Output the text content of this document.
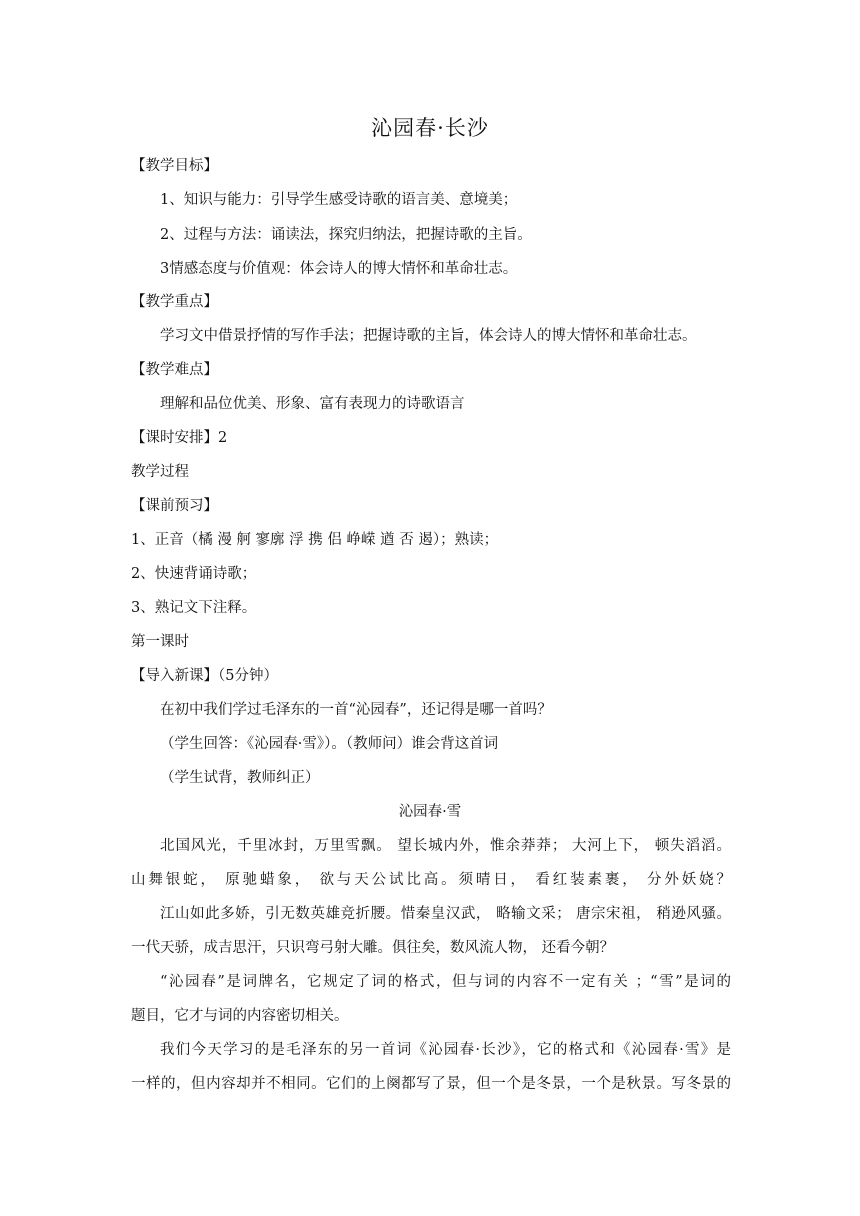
沁园春·长沙
【教学目标】
1、知识与能力：引导学生感受诗歌的语言美、意境美；
2、过程与方法：诵读法，探究归纳法，把握诗歌的主旨。
3情感态度与价值观：体会诗人的博大情怀和革命壮志。
【教学重点】
学习文中借景抒情的写作手法；把握诗歌的主旨，体会诗人的博大情怀和革命壮志。
【教学难点】
理解和品位优美、形象、富有表现力的诗歌语言
【课时安排】2
教学过程
【课前预习】
1、正音（橘 漫 舸 寥廓 浮 携 侣 峥嵘 遒 否 遏）；熟读；
2、快速背诵诗歌；
3、熟记文下注释。
第一课时
【导入新课】（5分钟）
在初中我们学过毛泽东的一首“沁园春”，还记得是哪一首吗？
（学生回答：《沁园春·雪》）。（教师问）谁会背这首词
（学生试背，教师纠正）
沁园春·雪
北国风光，千里冰封，万里雪飘。 望长城内外，惟余莽莽； 大河上下， 顿失滔滔。
山舞银蛇， 原驰蜡象， 欲与天公试比高。须晴日， 看红装素裹， 分外妖娆？
江山如此多娇，引无数英雄竞折腰。惜秦皇汉武， 略输文采； 唐宗宋祖， 稍逊风骚。
一代天骄，成吉思汗，只识弯弓射大雕。俱往矣，数风流人物， 还看今朝？
“沁园春”是词牌名，它规定了词的格式，但与词的内容不一定有关 ；“雪”是词的
题目，它才与词的内容密切相关。
我们今天学习的是毛泽东的另一首词《沁园春·长沙》，它的格式和《沁园春·雪》是
一样的，但内容却并不相同。它们的上阕都写了景，但一个是冬景，一个是秋景。写冬景的
